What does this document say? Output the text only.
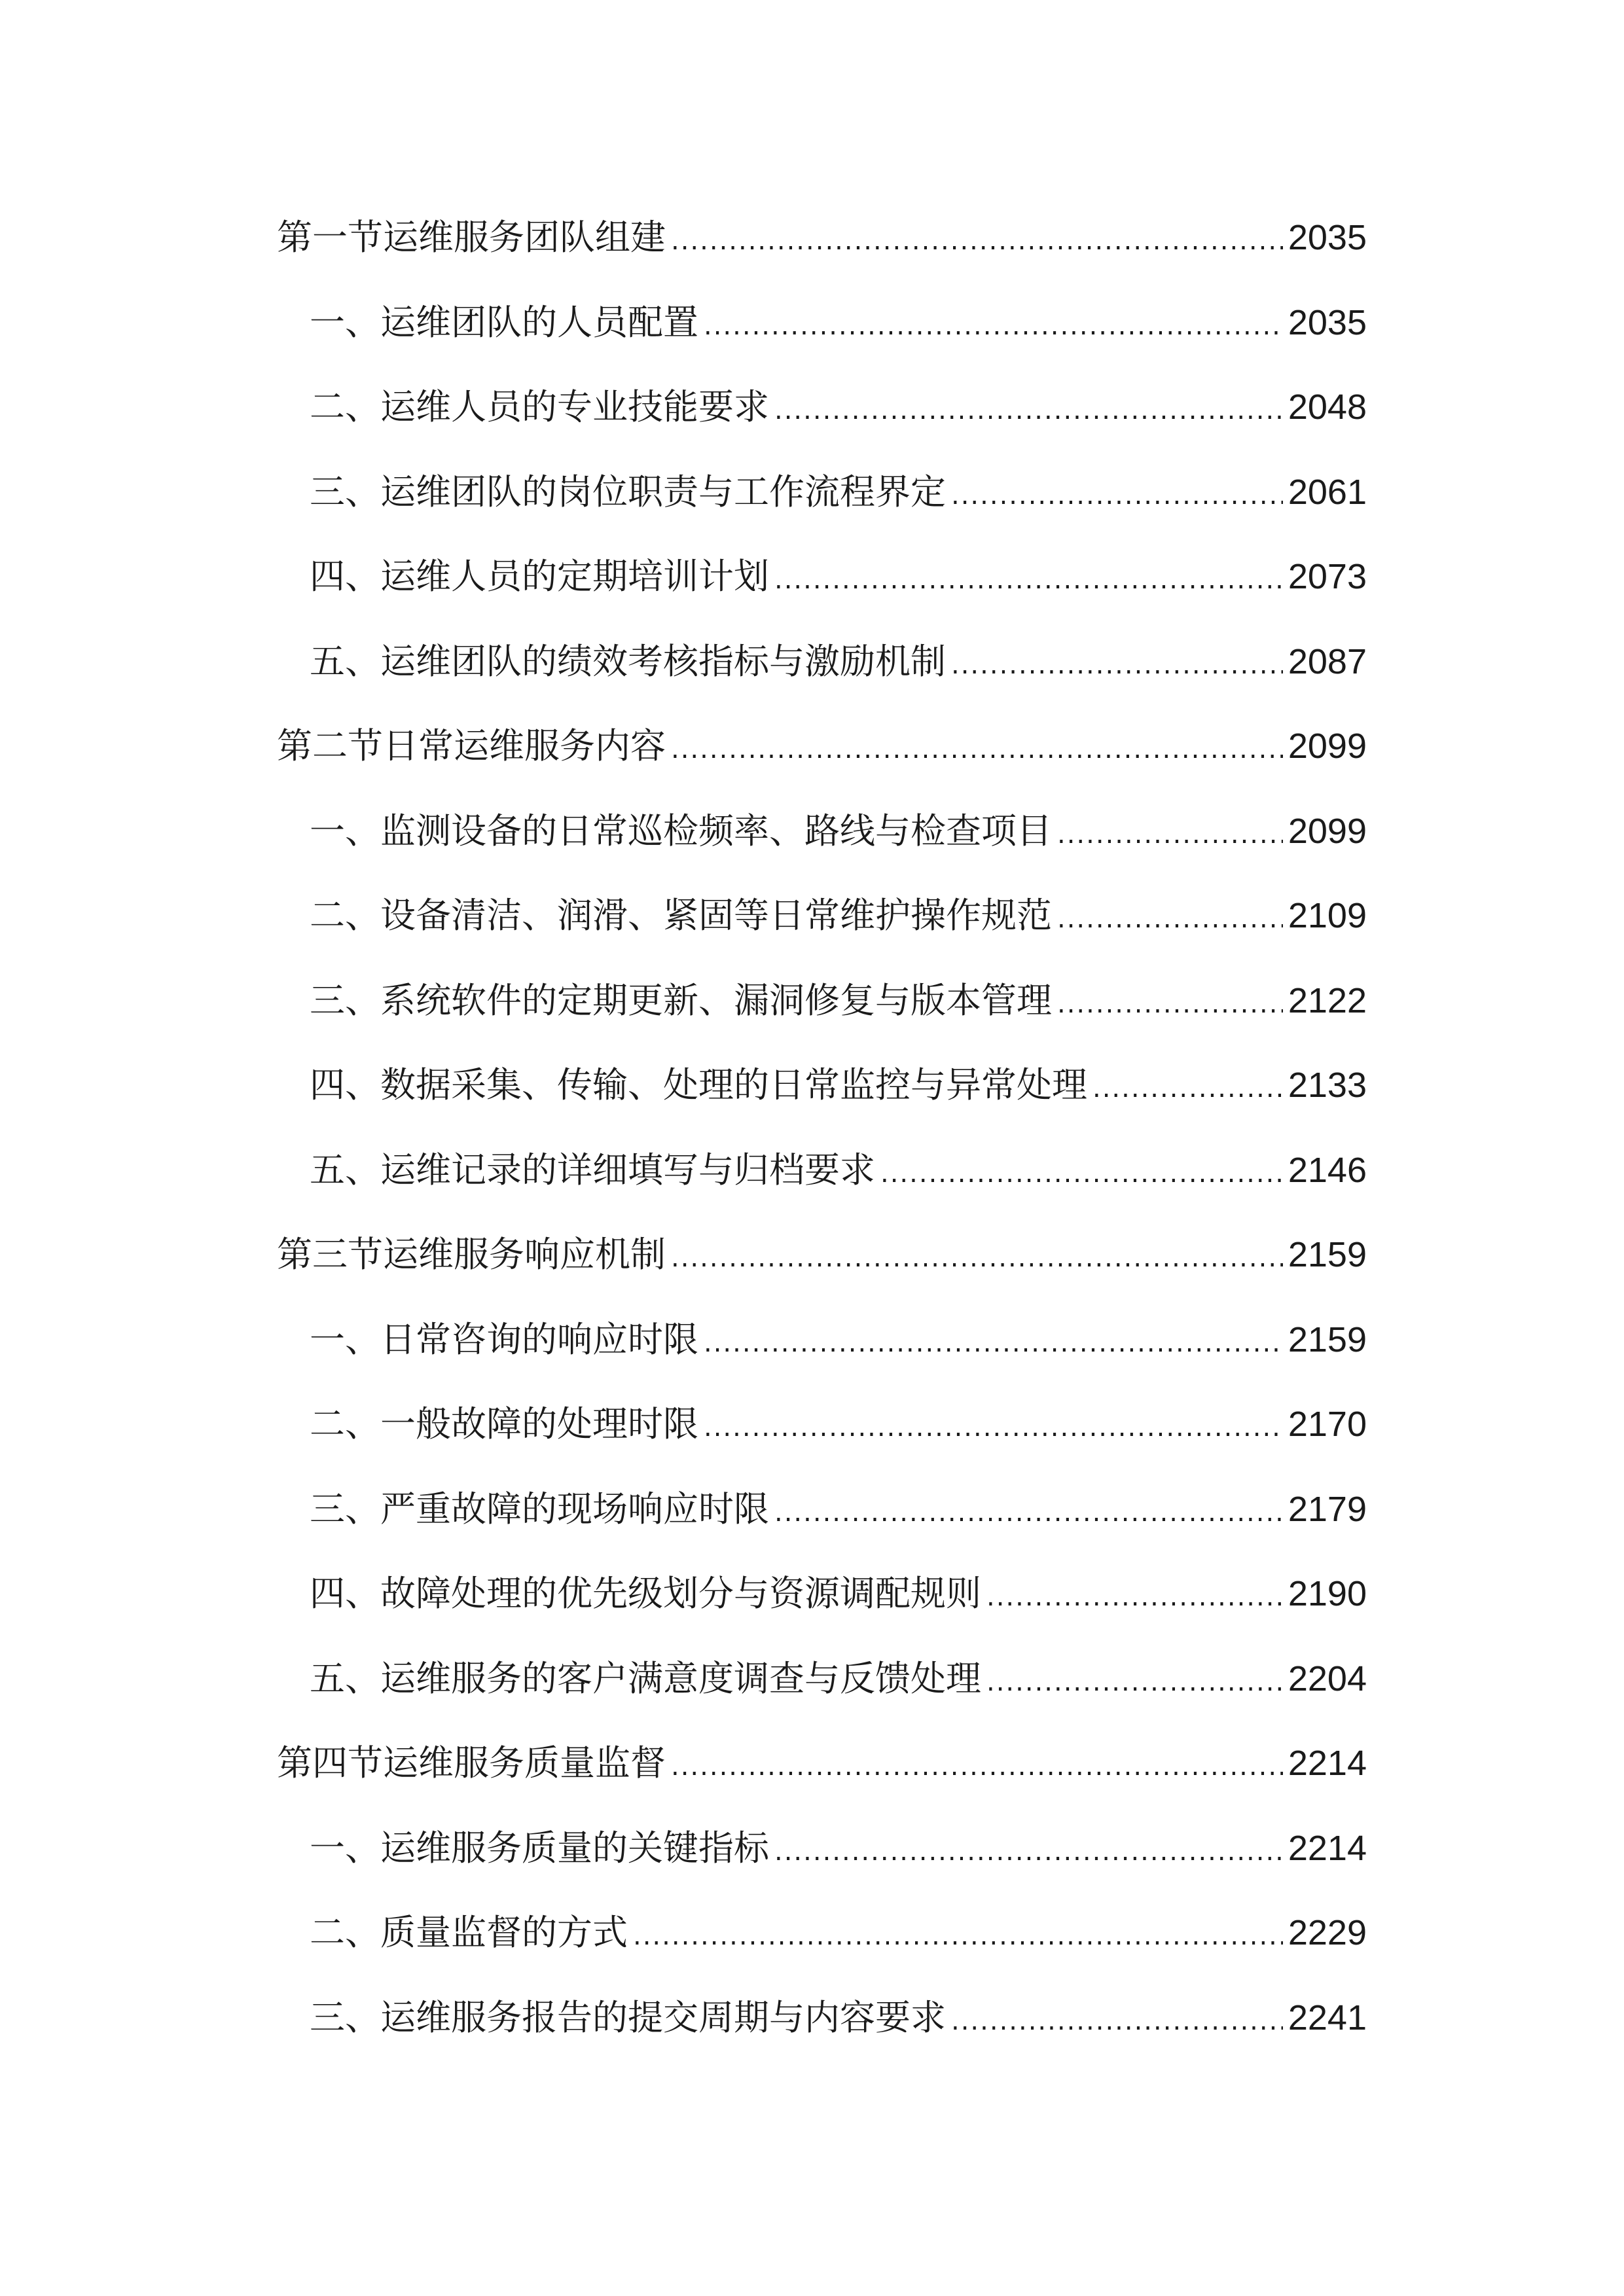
第一节运维服务团队组建 .....	2035
一、运维团队的人员配置 .....	2035
二、运维人员的专业技能要求 .....	2048
三、运维团队的岗位职责与工作流程界定 .....	2061
四、运维人员的定期培训计划 .....	2073
五、运维团队的绩效考核指标与激励机制 .....	2087
第二节日常运维服务内容 .....	2099
一、监测设备的日常巡检频率、路线与检查项目 .....	2099
二、设备清洁、润滑、紧固等日常维护操作规范 .....	2109
三、系统软件的定期更新、漏洞修复与版本管理 .....	2122
四、数据采集、传输、处理的日常监控与异常处理 .....	2133
五、运维记录的详细填写与归档要求 .....	2146
第三节运维服务响应机制 .....	2159
一、日常咨询的响应时限 .....	2159
二、一般故障的处理时限 .....	2170
三、严重故障的现场响应时限 .....	2179
四、故障处理的优先级划分与资源调配规则 .....	2190
五、运维服务的客户满意度调查与反馈处理 .....	2204
第四节运维服务质量监督 .....	2214
一、运维服务质量的关键指标 .....	2214
二、质量监督的方式 .....	2229
三、运维服务报告的提交周期与内容要求 .....	2241
